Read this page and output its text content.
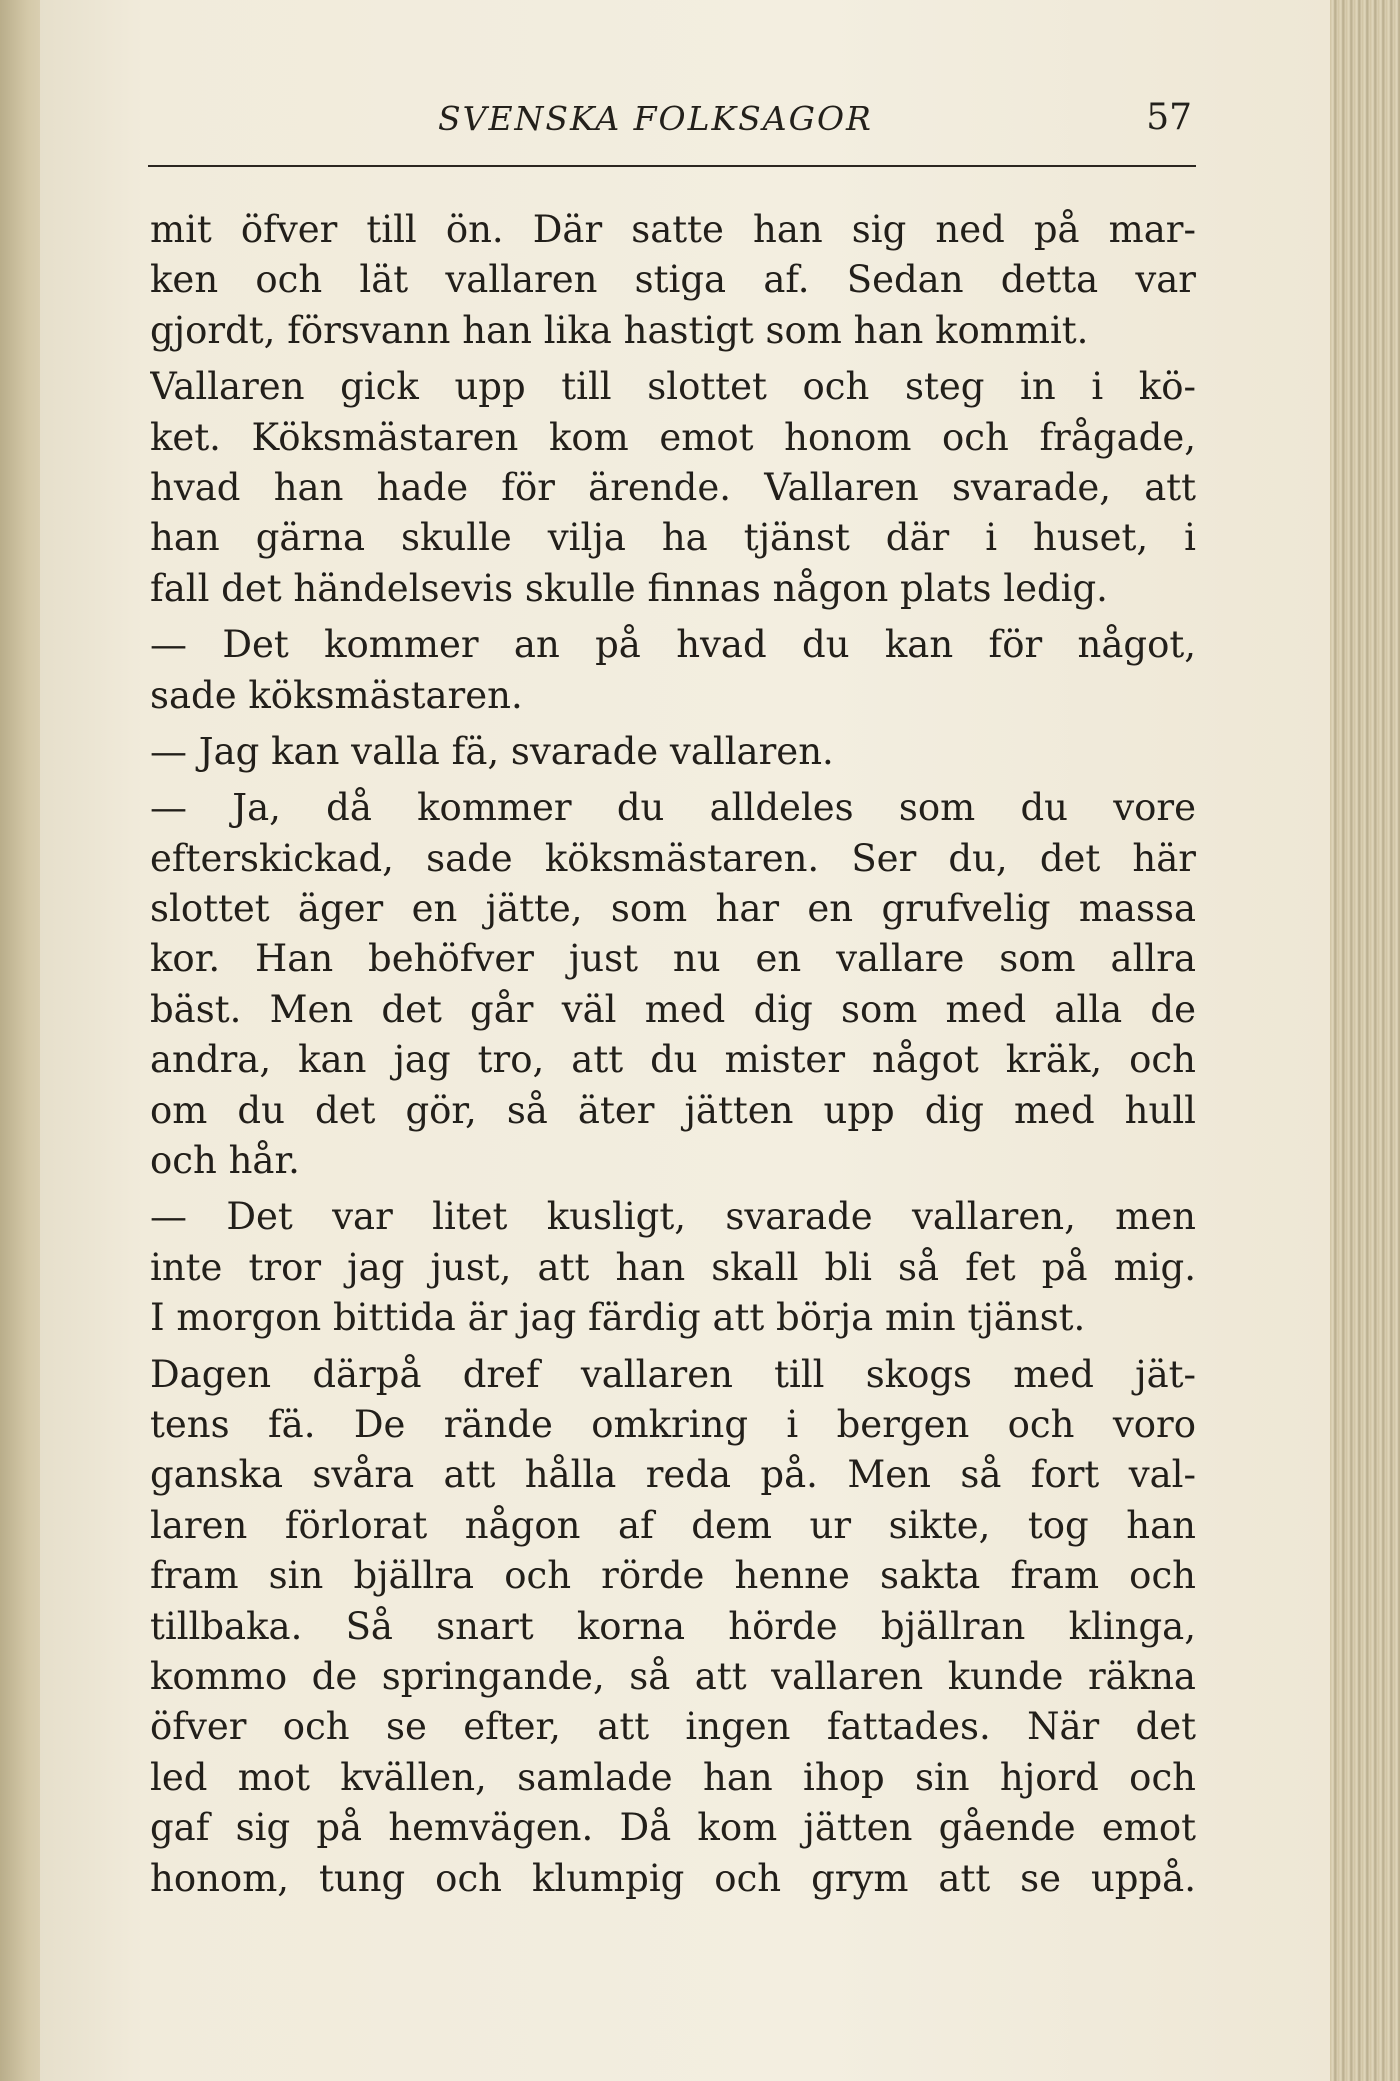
SVENSKA FOLKSAGOR	57
mit öfver till ön. Där satte han sig ned på mar-
ken och lät vallaren stiga af. Sedan detta var
gjordt, försvann han lika hastigt som han kommit.
Vallaren gick upp till slottet och steg in i kö-
ket. Köksmästaren kom emot honom och frågade,
hvad han hade för ärende. Vallaren svarade, att
han gärna skulle vilja ha tjänst där i huset, i
fall det händelsevis skulle finnas någon plats ledig.
— Det kommer an på hvad du kan för något,
sade köksmästaren.
— Jag kan valla fä, svarade vallaren.
— Ja, då kommer du alldeles som du vore
efterskickad, sade köksmästaren. Ser du, det här
slottet äger en jätte, som har en grufvelig massa
kor. Han behöfver just nu en vallare som allra
bäst. Men det går väl med dig som med alla de
andra, kan jag tro, att du mister något kräk, och
om du det gör, så äter jätten upp dig med hull
och hår.
— Det var litet kusligt, svarade vallaren, men
inte tror jag just, att han skall bli så fet på mig.
I morgon bittida är jag färdig att börja min tjänst.
Dagen därpå dref vallaren till skogs med jät-
tens fä. De rände omkring i bergen och voro
ganska svåra att hålla reda på. Men så fort val-
laren förlorat någon af dem ur sikte, tog han
fram sin bjällra och rörde henne sakta fram och
tillbaka. Så snart korna hörde bjällran klinga,
kommo de springande, så att vallaren kunde räkna
öfver och se efter, att ingen fattades. När det
led mot kvällen, samlade han ihop sin hjord och
gaf sig på hemvägen. Då kom jätten gående emot
honom, tung och klumpig och grym att se uppå.
